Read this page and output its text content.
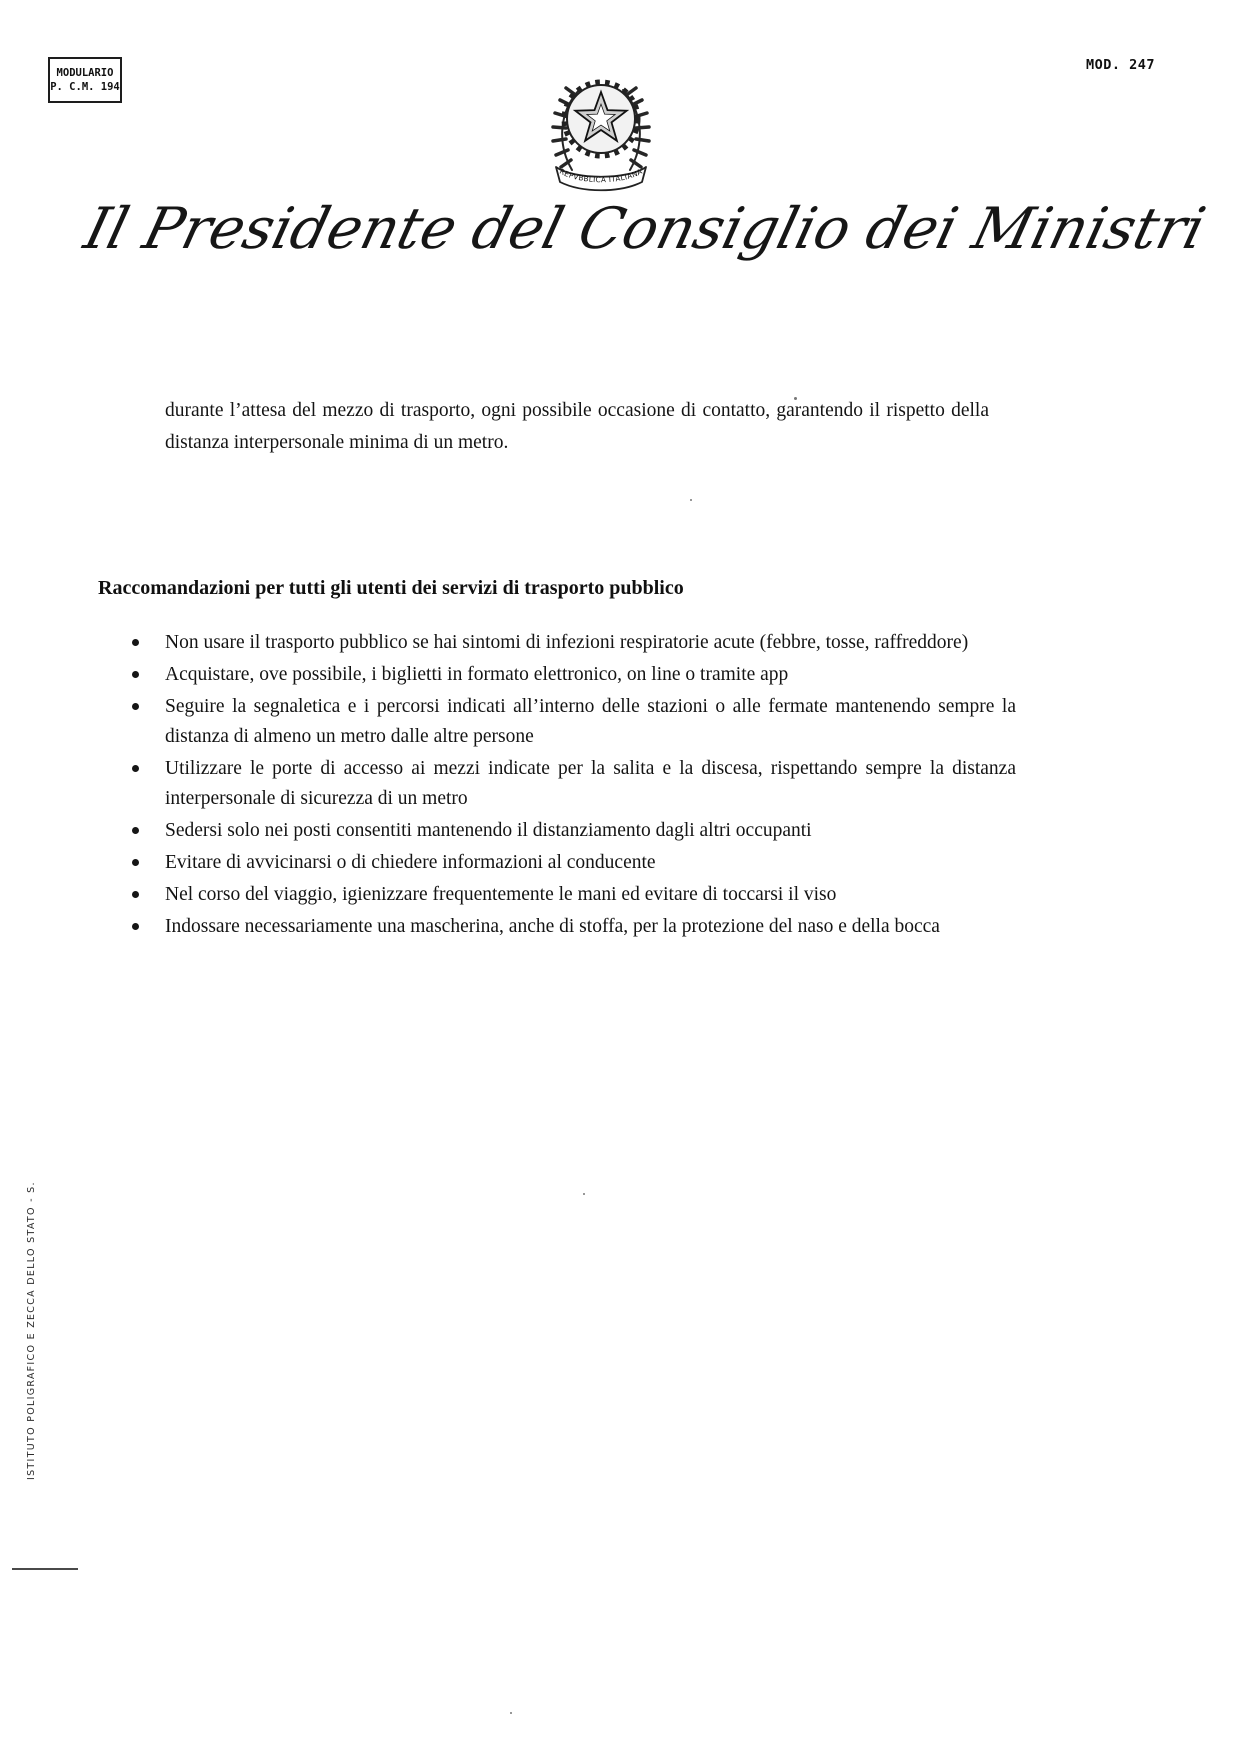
MODULARIO
P. C.M. 194
MOD. 247
REPVBBLICA ITALIANA
Il Presidente del Consiglio dei Ministri

durante l’attesa del mezzo di trasporto, ogni possibile occasione di contatto, garantendo il rispetto della distanza interpersonale minima di un metro.

Raccomandazioni per tutti gli utenti dei servizi di trasporto pubblico
Non usare il trasporto pubblico se hai sintomi di infezioni respiratorie acute (febbre, tosse, raffreddore)
Acquistare, ove possibile, i biglietti in formato elettronico, on line o tramite app
Seguire la segnaletica e i percorsi indicati all’interno delle stazioni o alle fermate mantenendo sempre la distanza di almeno un metro dalle altre persone
Utilizzare le porte di accesso ai mezzi indicate per la salita e la discesa, rispettando sempre la distanza interpersonale di sicurezza di un metro
Sedersi solo nei posti consentiti mantenendo il distanziamento dagli altri occupanti
Evitare di avvicinarsi o di chiedere informazioni al conducente
Nel corso del viaggio, igienizzare frequentemente le mani ed evitare di toccarsi il viso
Indossare necessariamente una mascherina, anche di stoffa, per la protezione del naso e della bocca
ISTITUTO POLIGRAFICO E ZECCA DELLO STATO - S.
